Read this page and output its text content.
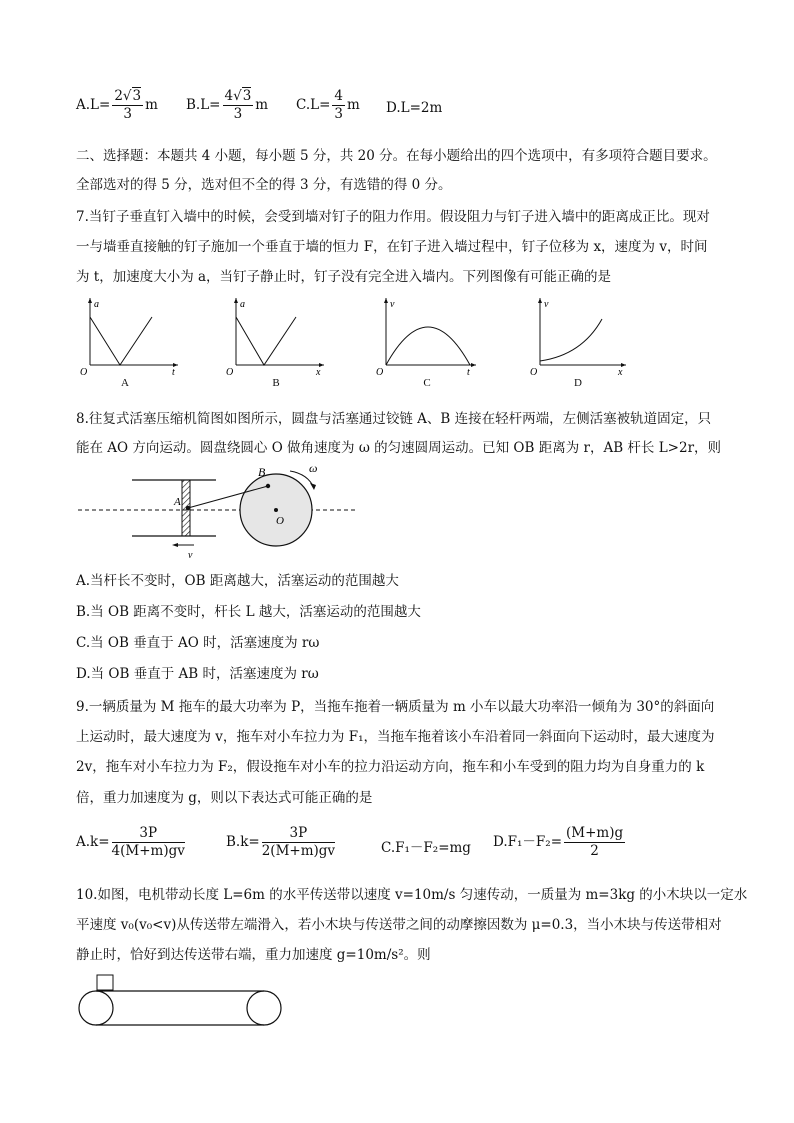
$A.L= \frac{2√3}{3}$ m $B.L= \frac{4√3}{3}$ m $C.L= \frac{4}{3}$ m D.L=2m
二、选择题：本题共 4 小题，每小题 5 分，共 20 分。在每小题给出的四个选项中，有多项符合题目要求。
全部选对的得 5 分，选对但不全的得 3 分，有选错的得 0 分。
7.当钉子垂直钉入墙中的时候，会受到墙对钉子的阻力作用。假设阻力与钉子进入墙中的距离成正比。现对
一与墙垂直接触的钉子施加一个垂直于墙的恒力 F，在钉子进入墙过程中，钉子位移为 x，速度为 v，时间
为 t，加速度大小为 a，当钉子静止时，钉子没有完全进入墙内。下列图像有可能正确的是
a
O	t
A
a
O	x
B
v
O	t
C
v
O	x
D
8.往复式活塞压缩机简图如图所示，圆盘与活塞通过铰链 A、B 连接在轻杆两端，左侧活塞被轨道固定，只
能在 AO 方向运动。圆盘绕圆心 O 做角速度为 ω 的匀速圆周运动。已知 OB 距离为 r，AB 杆长 L>2r，则
A
B
O
ω
v
A.当杆长不变时，OB 距离越大，活塞运动的范围越大
B.当 OB 距离不变时，杆长 L 越大，活塞运动的范围越大
C.当 OB 垂直于 AO 时，活塞速度为 rω
D.当 OB 垂直于 AB 时，活塞速度为 rω
9.一辆质量为 M 拖车的最大功率为 P，当拖车拖着一辆质量为 m 小车以最大功率沿一倾角为 30°的斜面向
上运动时，最大速度为 v，拖车对小车拉力为 F₁，当拖车拖着该小车沿着同一斜面向下运动时，最大速度为
2v，拖车对小车拉力为 F₂，假设拖车对小车的拉力沿运动方向，拖车和小车受到的阻力均为自身重力的 k
倍，重力加速度为 g，则以下表达式可能正确的是
$A.k= \frac{3P}{4(M+m)gv}$	$B.k= \frac{3P}{2(M+m)gv}$	C.F₁－F₂=mg $D.F_1-F_2= \frac{(M+m)g}{2}$
10.如图，电机带动长度 L=6m 的水平传送带以速度 v=10m/s 匀速传动，一质量为 m=3kg 的小木块以一定水
平速度 v₀(v₀<v)从传送带左端滑入，若小木块与传送带之间的动摩擦因数为 μ=0.3，当小木块与传送带相对
静止时，恰好到达传送带右端，重力加速度 g=10m/s²。则
